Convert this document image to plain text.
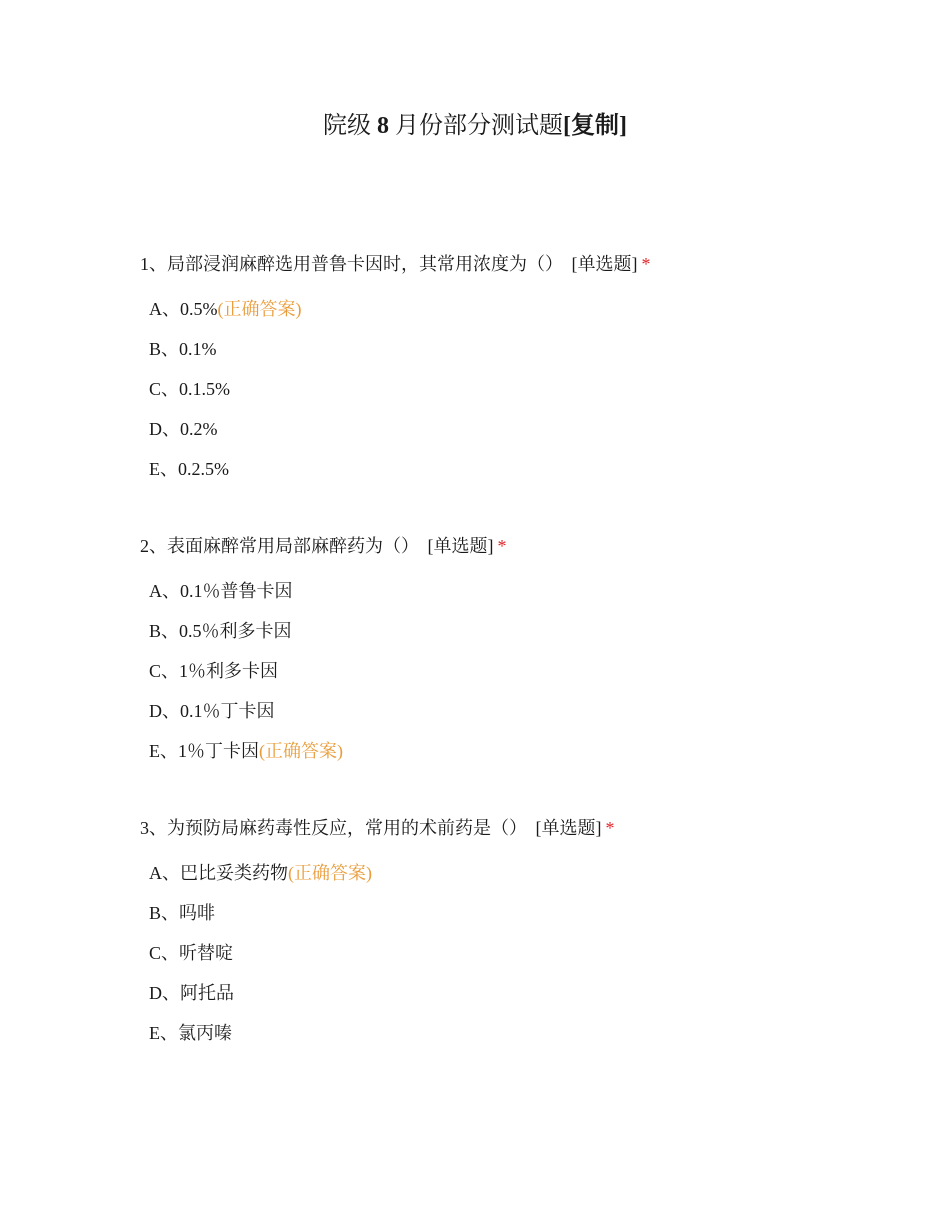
院级 8 月份部分测试题[复制]
1、局部浸润麻醉选用普鲁卡因时，其常用浓度为（） [单选题] *
A、0.5%(正确答案)
B、0.1%
C、0.1.5%
D、0.2%
E、0.2.5%
2、表面麻醉常用局部麻醉药为（） [单选题] *
A、0.1％普鲁卡因
B、0.5％利多卡因
C、1％利多卡因
D、0.1％丁卡因
E、1％丁卡因(正确答案)
3、为预防局麻药毒性反应，常用的术前药是（） [单选题] *
A、巴比妥类药物(正确答案)
B、吗啡
C、听替啶
D、阿托品
E、氯丙嗪
